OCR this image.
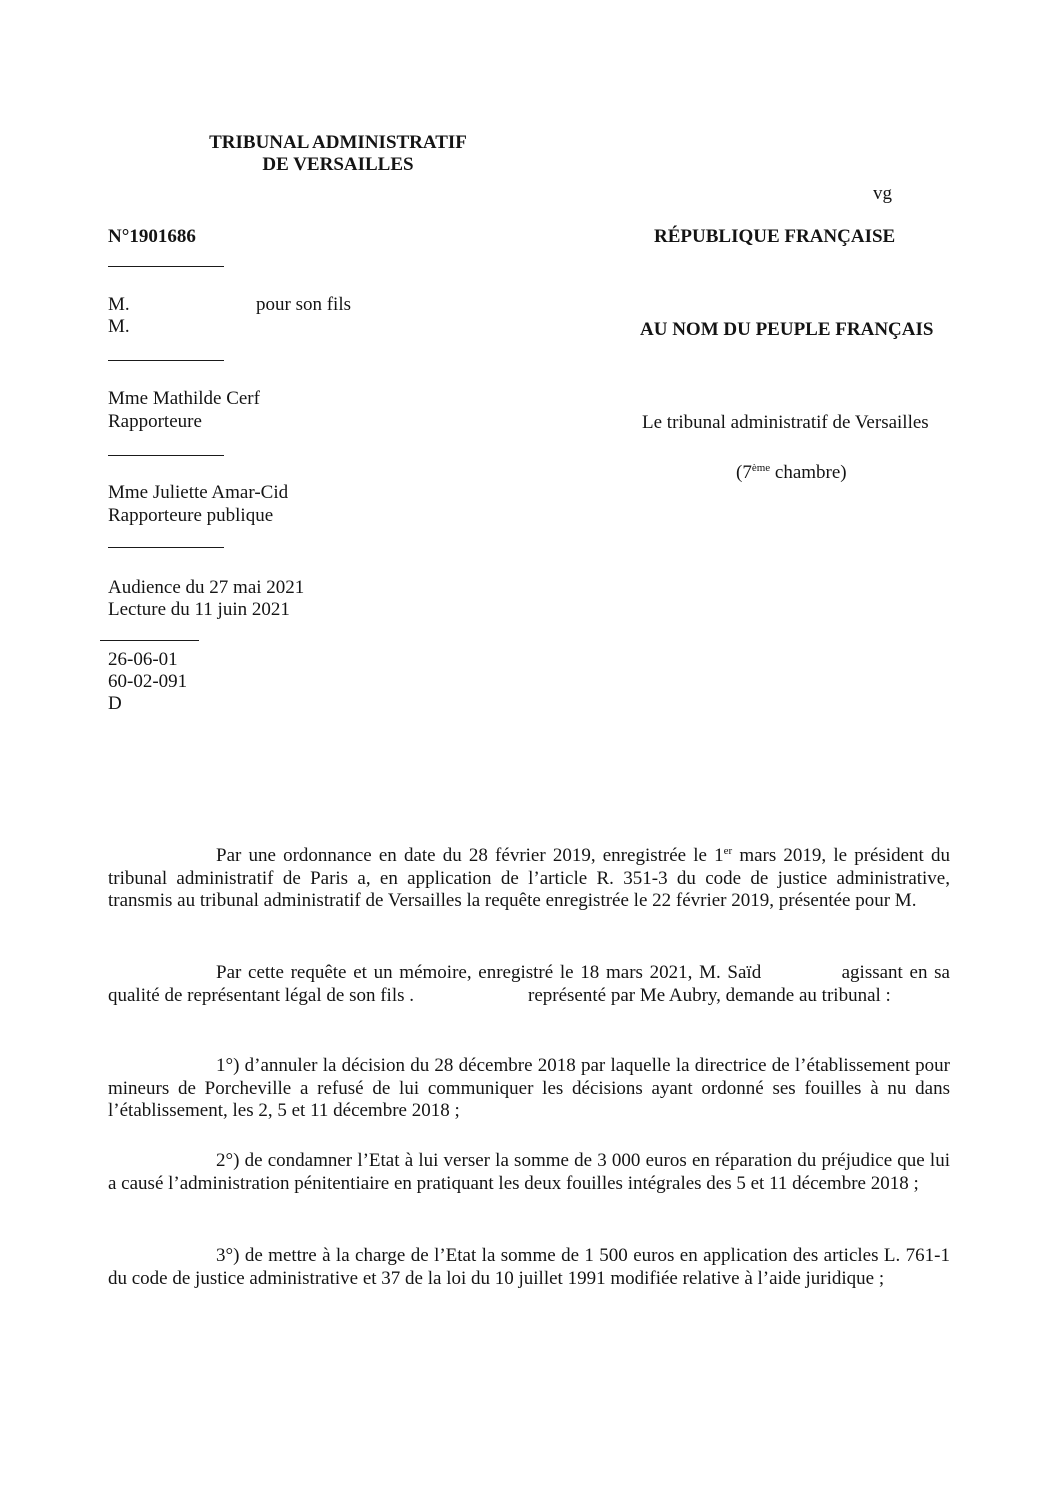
TRIBUNAL ADMINISTRATIF
DE VERSAILLES
vg
N°1901686	RÉPUBLIQUE FRANÇAISE
M.	pour son fils
M.	AU NOM DU PEUPLE FRANÇAIS
Mme Mathilde Cerf
Rapporteure	Le tribunal administratif de Versailles
(7ème chambre)
Mme Juliette Amar-Cid
Rapporteure publique
Audience du 27 mai 2021
Lecture du 11 juin 2021
26-06-01
60-02-091
D
Par une ordonnance en date du 28 février 2019, enregistrée le 1er mars 2019, le président du tribunal administratif de Paris a, en application de l’article R. 351-3 du code de justice administrative, transmis au tribunal administratif de Versailles la requête enregistrée le 22 février 2019, présentée pour M.
Par cette requête et un mémoire, enregistré le 18 mars 2021, M. Saïd            agissant en sa qualité de représentant légal de son fils .                        représenté par Me Aubry, demande au tribunal :
1°) d’annuler la décision du 28 décembre 2018 par laquelle la directrice de l’établissement pour mineurs de Porcheville a refusé de lui communiquer les décisions ayant ordonné ses fouilles à nu dans l’établissement, les 2, 5 et 11 décembre 2018 ;
2°) de condamner l’Etat à lui verser la somme de 3 000 euros en réparation du préjudice que lui a causé l’administration pénitentiaire en pratiquant les deux fouilles intégrales des 5 et 11 décembre 2018 ;
3°) de mettre à la charge de l’Etat la somme de 1 500 euros en application des articles L. 761-1 du code de justice administrative et 37 de la loi du 10 juillet 1991 modifiée relative à l’aide juridique ;
